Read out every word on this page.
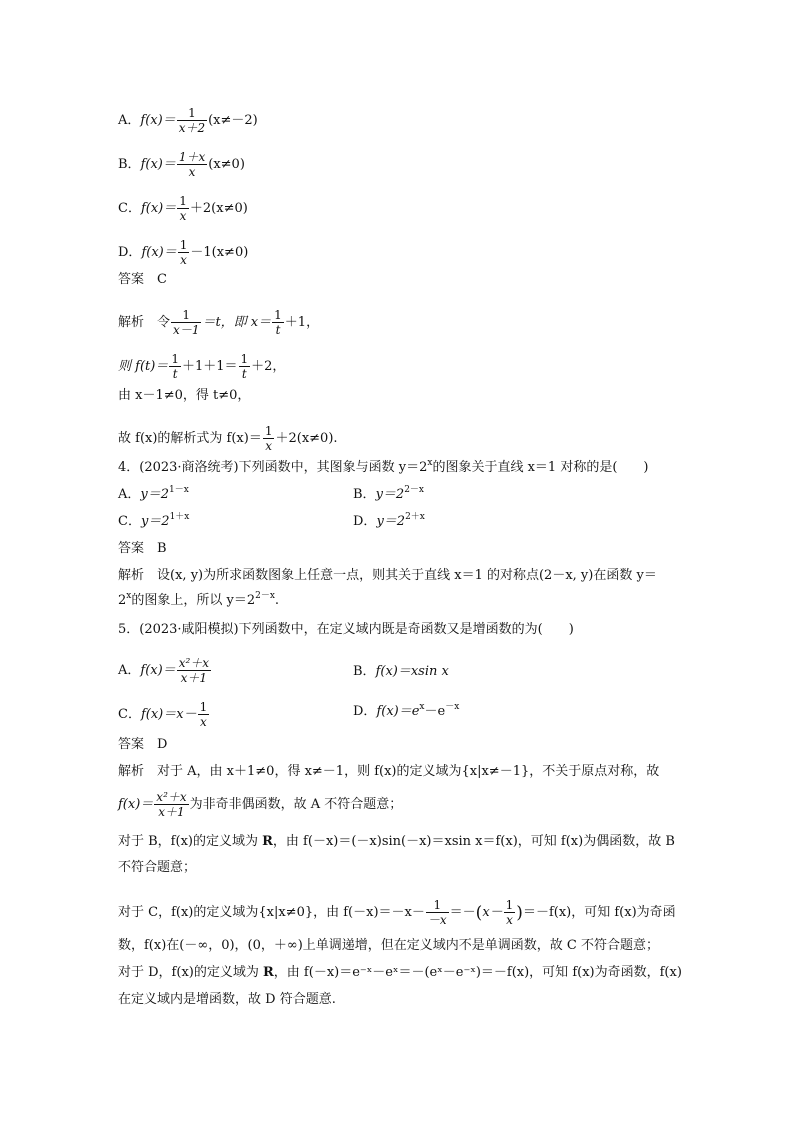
A．$f(x)= \frac{1}{x+2} (x\ne-2)$
B．$f(x)= \frac{1+x}{x} (x\ne 0)$
C．$f(x)= \frac{1}{x} +2(x\ne 0)$
D．$f(x)= \frac{1}{x} -1(x\ne 0)$
答案　 C
解析　 令 $\frac{1}{x-1} =t$，即 $x= \frac{1}{t} +1$，
则 $f(t)= \frac{1}{t} +1+1= \frac{1}{t} +2$，
由 x－1≠0，得 t≠0，
故 f(x)的解析式为 $f(x)= \frac{1}{x} +2(x\ne 0)$.
4．(2023·商洛统考)下列函数中，其图象与函数 $y=2^x$的图象关于直线 x＝1 对称的是(　　)
A．$y=2^{1-x}$	B．$y=2^{2-x}$
C．$y=2^{1+x}$	D．$y=2^{2+x}$
答案　 B
解析　 设(x, y)为所求函数图象上任意一点，则其关于直线 x＝1 的对称点(2－x, y)在函数 y＝
$2^x$的图象上，所以 $y=2^{2-x}$.
5．(2023·咸阳模拟)下列函数中，在定义域内既是奇函数又是增函数的为(　　)
A．$f(x)= \frac{\text{x²＋x}}{x+1}$	B．f(x)＝xsin x
C．$f(x)=x- \frac{1}{x}$	D．$f(x)=e^x-e^{-x}$
答案　 D
解析　 对于 A，由 x＋1≠0，得 x≠－1，则 f(x)的定义域为{x|x≠－1}，不关于原点对称，故
$f(x)= \frac{\text{x²＋x}}{x+1}$ 为非奇非偶函数，故 A 不符合题意；
对于 B，f(x)的定义域为 R，由 f(－x)＝(－x)sin(－x)＝xsin x＝f(x)，可知 f(x)为偶函数，故 B
不符合题意；
对于 C，f(x)的定义域为{x|x≠0}，由 $f(-x)=-x- \frac{1}{-x} =-(x- \frac{1}{x} )=-f(x)$，可知 f(x)为奇函
数，f(x)在(－∞，0)，(0，＋∞)上单调递增，但在定义域内不是单调函数，故 C 不符合题意；
对于 D，f(x)的定义域为 R，由 f(－x)＝e⁻ˣ－eˣ＝－(eˣ－e⁻ˣ)＝－f(x)，可知 f(x)为奇函数，f(x)
在定义域内是增函数，故 D 符合题意.
